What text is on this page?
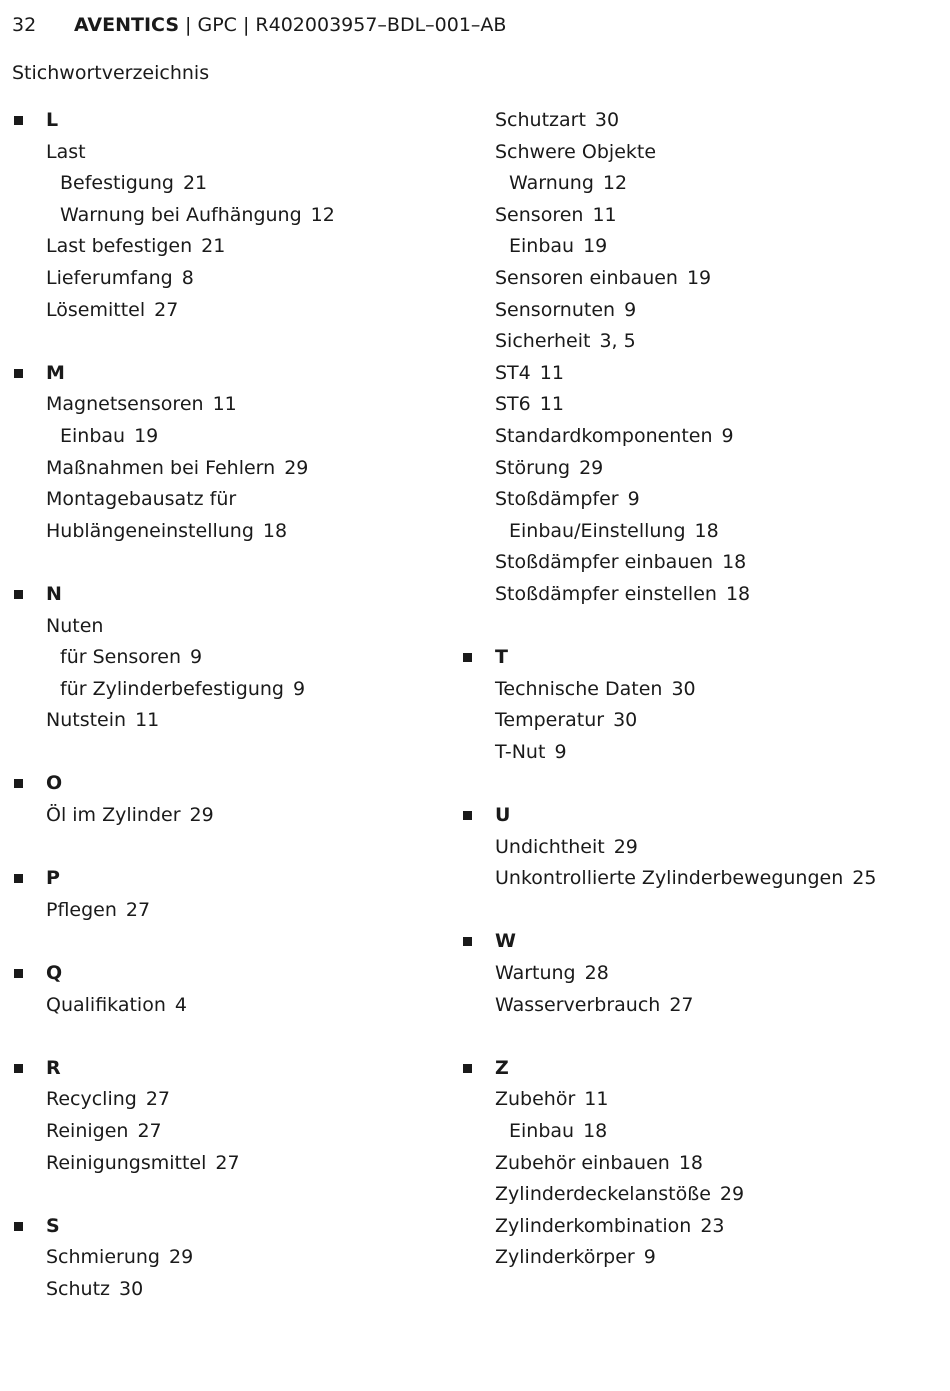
32 AVENTICS | GPC | R402003957–BDL–001–AB
Stichwortverzeichnis
L
Last
Befestigung 21
Warnung bei Aufhängung 12
Last befestigen 21
Lieferumfang 8
Lösemittel 27
M
Magnetsensoren 11
Einbau 19
Maßnahmen bei Fehlern 29
Montagebausatz für
Hublängeneinstellung 18
N
Nuten
für Sensoren 9
für Zylinderbefestigung 9
Nutstein 11
O
Öl im Zylinder 29
P
Pflegen 27
Q
Qualifikation 4
R
Recycling 27
Reinigen 27
Reinigungsmittel 27
S
Schmierung 29
Schutz 30
Schutzart 30
Schwere Objekte
Warnung 12
Sensoren 11
Einbau 19
Sensoren einbauen 19
Sensornuten 9
Sicherheit 3, 5
ST4 11
ST6 11
Standardkomponenten 9
Störung 29
Stoßdämpfer 9
Einbau/Einstellung 18
Stoßdämpfer einbauen 18
Stoßdämpfer einstellen 18
T
Technische Daten 30
Temperatur 30
T-Nut 9
U
Undichtheit 29
Unkontrollierte Zylinderbewegungen 25
W
Wartung 28
Wasserverbrauch 27
Z
Zubehör 11
Einbau 18
Zubehör einbauen 18
Zylinderdeckelanstöße 29
Zylinderkombination 23
Zylinderkörper 9
